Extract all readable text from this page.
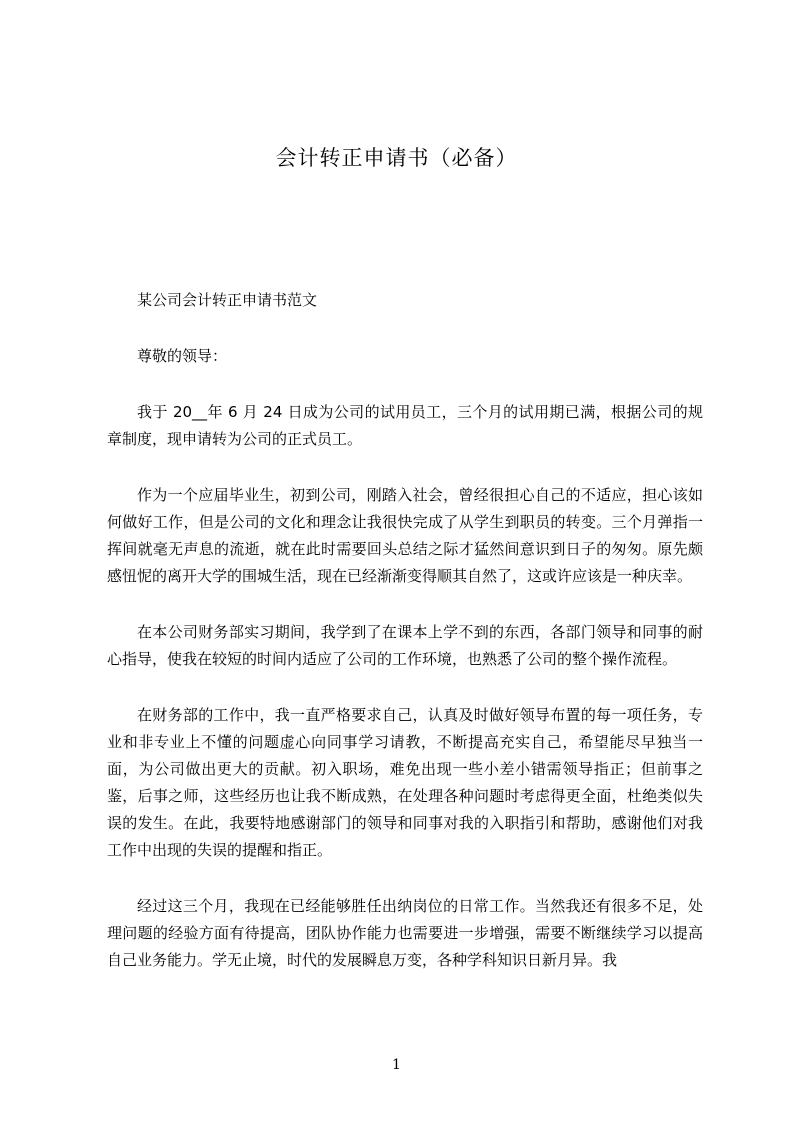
会计转正申请书（必备）

某公司会计转正申请书范文

尊敬的领导：

我于 20__年 6 月 24 日成为公司的试用员工，三个月的试用期已满，根据公司的规章制度，现申请转为公司的正式员工。

作为一个应届毕业生，初到公司，刚踏入社会，曾经很担心自己的不适应，担心该如何做好工作，但是公司的文化和理念让我很快完成了从学生到职员的转变。三个月弹指一挥间就毫无声息的流逝，就在此时需要回头总结之际才猛然间意识到日子的匆匆。原先颇感忸怩的离开大学的围城生活，现在已经渐渐变得顺其自然了，这或许应该是一种庆幸。

在本公司财务部实习期间，我学到了在课本上学不到的东西，各部门领导和同事的耐心指导，使我在较短的时间内适应了公司的工作环境，也熟悉了公司的整个操作流程。

在财务部的工作中，我一直严格要求自己，认真及时做好领导布置的每一项任务，专业和非专业上不懂的问题虚心向同事学习请教，不断提高充实自己，希望能尽早独当一面，为公司做出更大的贡献。初入职场，难免出现一些小差小错需领导指正；但前事之鉴，后事之师，这些经历也让我不断成熟，在处理各种问题时考虑得更全面，杜绝类似失误的发生。在此，我要特地感谢部门的领导和同事对我的入职指引和帮助，感谢他们对我工作中出现的失误的提醒和指正。

经过这三个月，我现在已经能够胜任出纳岗位的日常工作。当然我还有很多不足，处理问题的经验方面有待提高，团队协作能力也需要进一步增强，需要不断继续学习以提高自己业务能力。学无止境，时代的发展瞬息万变，各种学科知识日新月异。我

1
